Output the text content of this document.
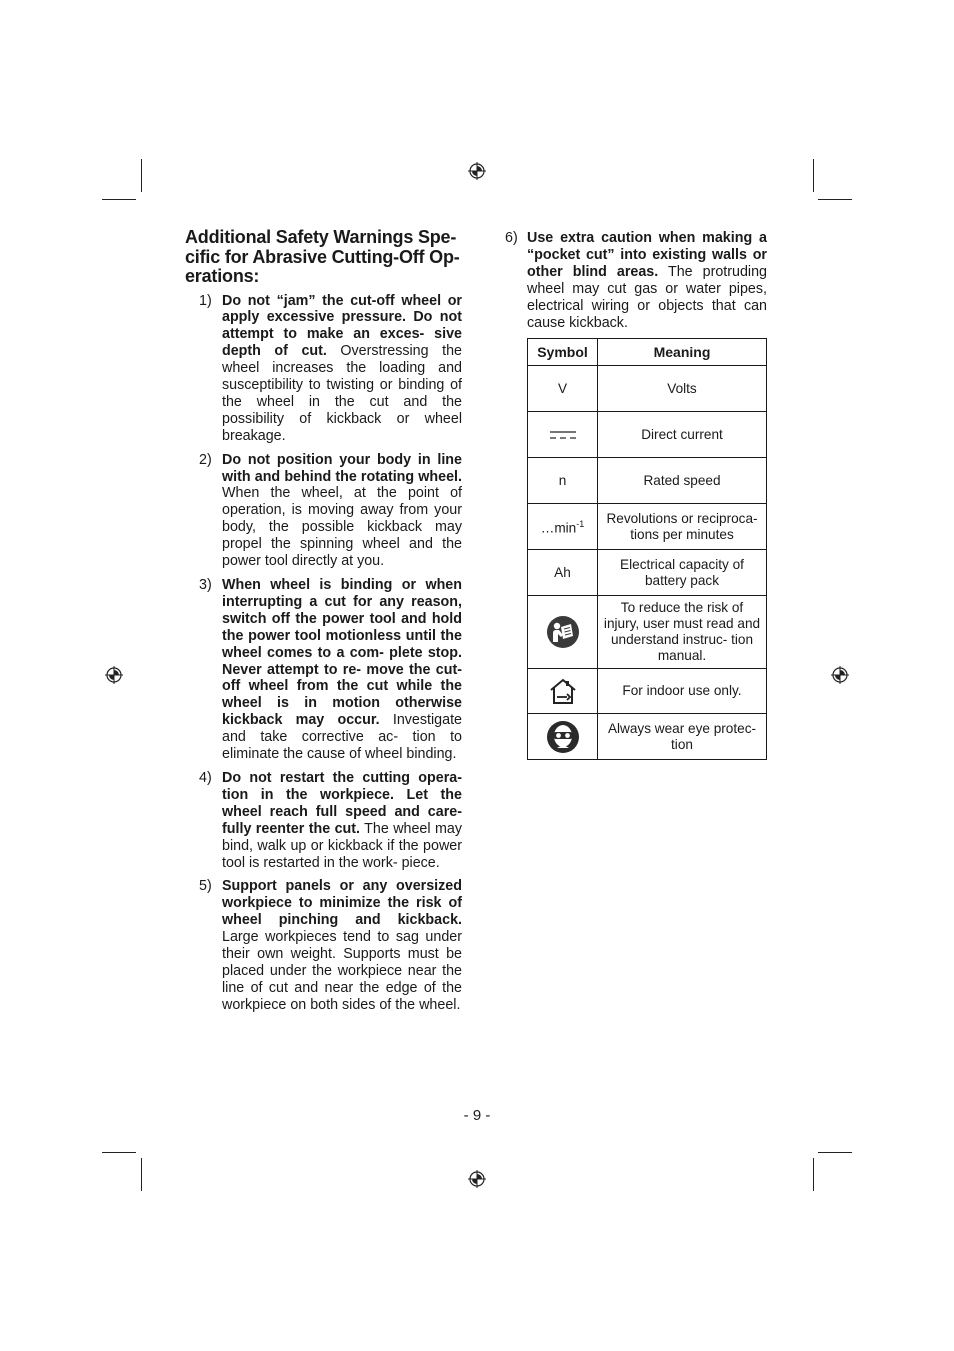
Additional Safety Warnings Spe- cific for Abrasive Cutting-Off Op- erations:
1) Do not “jam” the cut-off wheel or apply excessive pressure. Do not attempt to make an exces- sive depth of cut. Overstressing the wheel increases the loading and susceptibility to twisting or binding of the wheel in the cut and the possibility of kickback or wheel breakage.
2) Do not position your body in line with and behind the rotating wheel. When the wheel, at the point of operation, is moving away from your body, the possible kickback may propel the spinning wheel and the power tool directly at you.
3) When wheel is binding or when interrupting a cut for any reason, switch off the power tool and hold the power tool motionless until the wheel comes to a com- plete stop. Never attempt to re- move the cut-off wheel from the cut while the wheel is in motion otherwise kickback may occur. Investigate and take corrective ac- tion to eliminate the cause of wheel binding.
4) Do not restart the cutting opera- tion in the workpiece. Let the wheel reach full speed and care- fully reenter the cut. The wheel may bind, walk up or kickback if the power tool is restarted in the work- piece.
5) Support panels or any oversized workpiece to minimize the risk of wheel pinching and kickback. Large workpieces tend to sag under their own weight. Supports must be placed under the workpiece near the line of cut and near the edge of the workpiece on both sides of the wheel.
6) Use extra caution when making a “pocket cut” into existing walls or other blind areas. The protruding wheel may cut gas or water pipes, electrical wiring or objects that can cause kickback.
Symbol	Meaning
V	Volts

	Direct current
n	Rated speed
$\dots\min^{-1}$	Revolutions or reciproca- tions per minutes
Ah	Electrical capacity of battery pack

	To reduce the risk of injury, user must read and understand instruc- tion manual.

	For indoor use only.

	Always wear eye protec- tion
- 9 -
